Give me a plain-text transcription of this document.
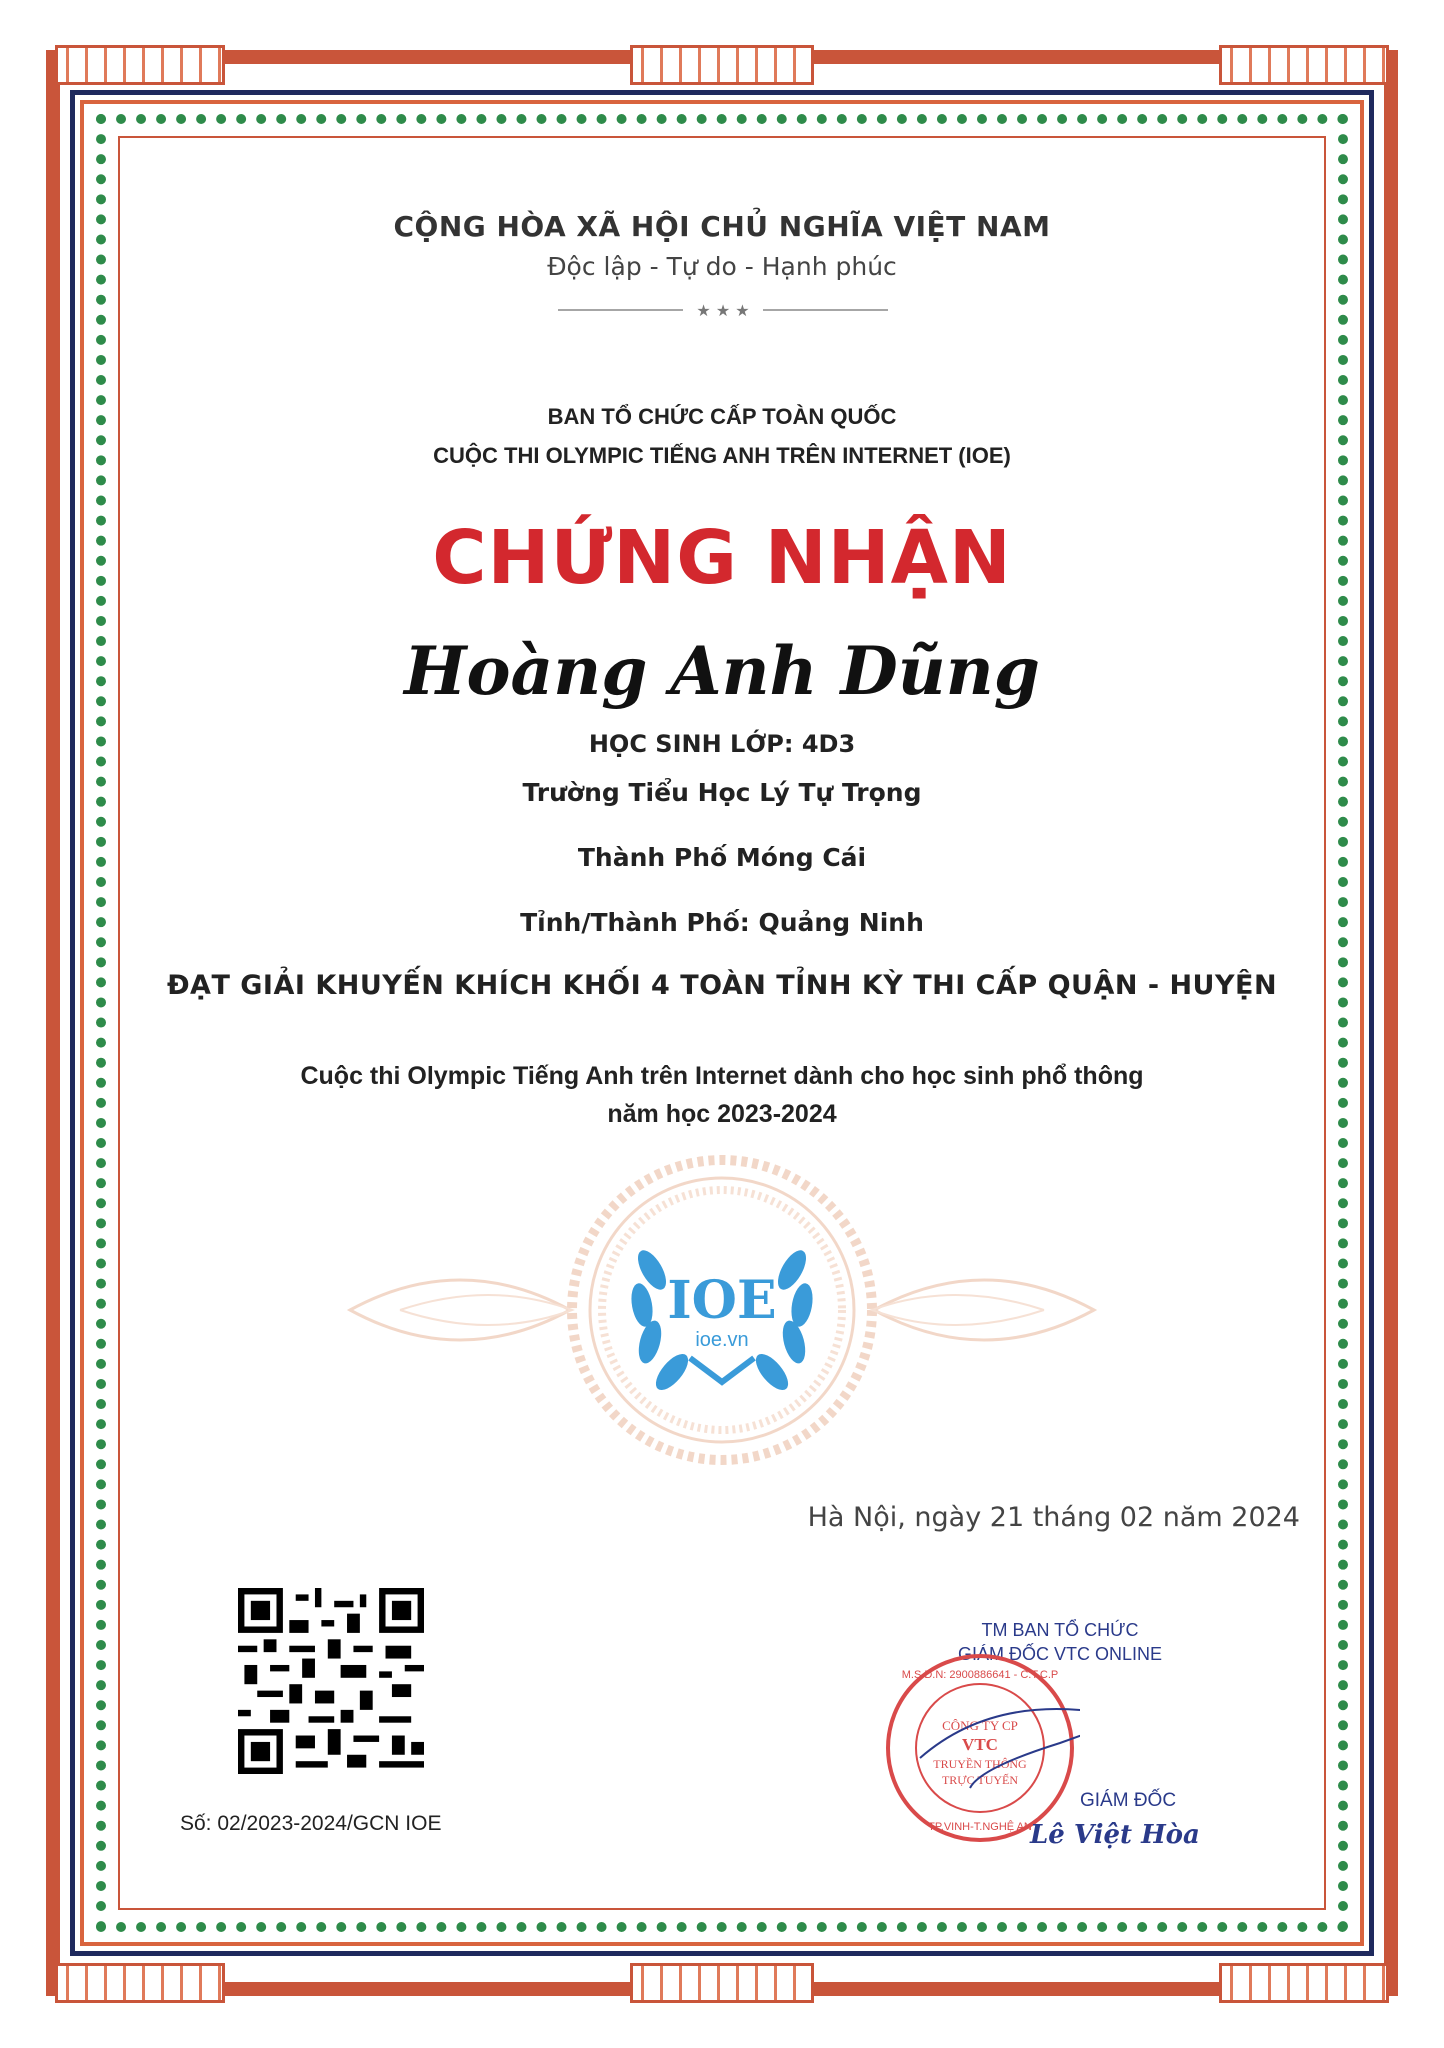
CỘNG HÒA XÃ HỘI CHỦ NGHĨA VIỆT NAM
Độc lập - Tự do - Hạnh phúc
★ ★ ★
BAN TỔ CHỨC CẤP TOÀN QUỐC
CUỘC THI OLYMPIC TIẾNG ANH TRÊN INTERNET (IOE)
CHỨNG NHẬN
Hoàng Anh Dũng
HỌC SINH LỚP: 4D3
Trường Tiểu Học Lý Tự Trọng
Thành Phố Móng Cái
Tỉnh/Thành Phố: Quảng Ninh
ĐẠT GIẢI KHUYẾN KHÍCH KHỐI 4 TOÀN TỈNH KỲ THI CẤP QUẬN - HUYỆN
Cuộc thi Olympic Tiếng Anh trên Internet dành cho học sinh phổ thông
năm học 2023-2024
IOE
ioe.vn
Hà Nội, ngày 21 tháng 02 năm 2024
Số: 02/2023-2024/GCN IOE
TM BAN TỔ CHỨC
GIÁM ĐỐC VTC ONLINE
CÔNG TY CP
VTC
TRUYỀN THÔNG
TRỰC TUYẾN
M.S.D.N: 2900886641 - C.T.C.P
TP.VINH-T.NGHỆ AN
GIÁM ĐỐC
Lê Việt Hòa
